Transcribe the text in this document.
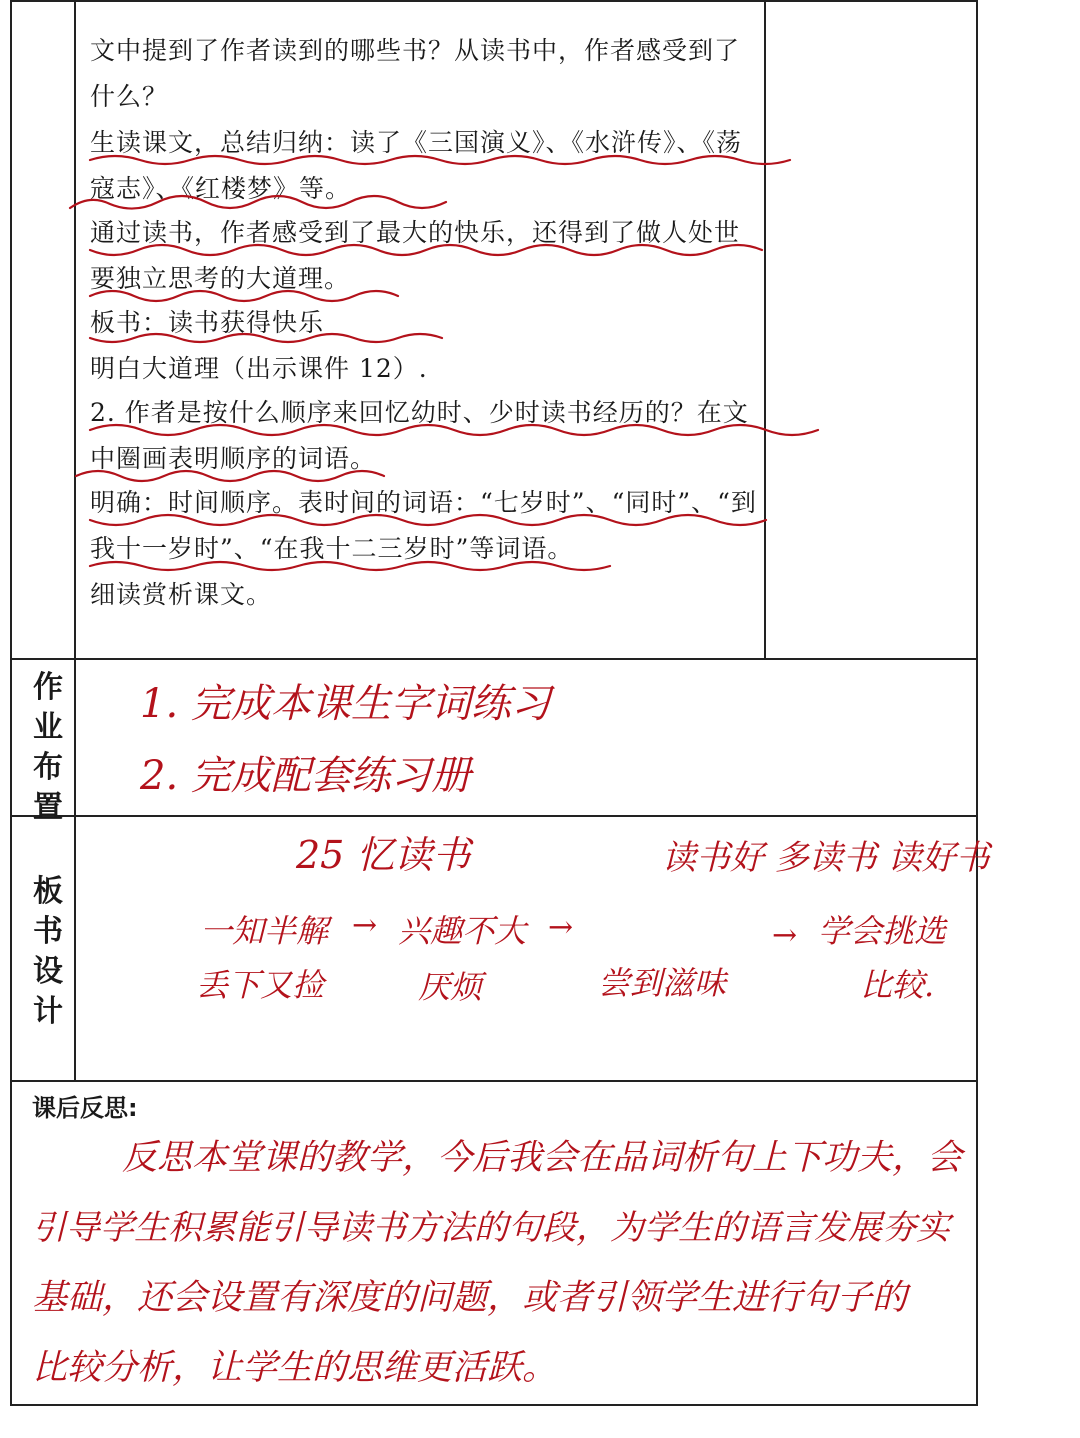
文中提到了作者读到的哪些书？从读书中，作者感受到了
什么？
生读课文，总结归纳：读了《三国演义》、《水浒传》、《荡
寇志》、《红楼梦》等。
通过读书，作者感受到了最大的快乐，还得到了做人处世
要独立思考的大道理。
板书：读书获得快乐
明白大道理（出示课件 12）.
2. 作者是按什么顺序来回忆幼时、少时读书经历的？在文
中圈画表明顺序的词语。
明确：时间顺序。表时间的词语：“七岁时”、“同时”、“到
我十一岁时”、“在我十二三岁时”等词语。
细读赏析课文。
作
业
布
置
1. 完成本课生字词练习
2. 完成配套练习册
板
书
设
计
25 忆读书	读书好 多读书 读好书
一知半解 → 兴趣不大 →
尝到滋味
→ 学会挑选
丢下又捡	厌烦	比较.
课后反思:
反思本堂课的教学，今后我会在品词析句上下功夫，会
引导学生积累能引导读书方法的句段，为学生的语言发展夯实
基础，还会设置有深度的问题，或者引领学生进行句子的
比较分析，让学生的思维更活跃。
